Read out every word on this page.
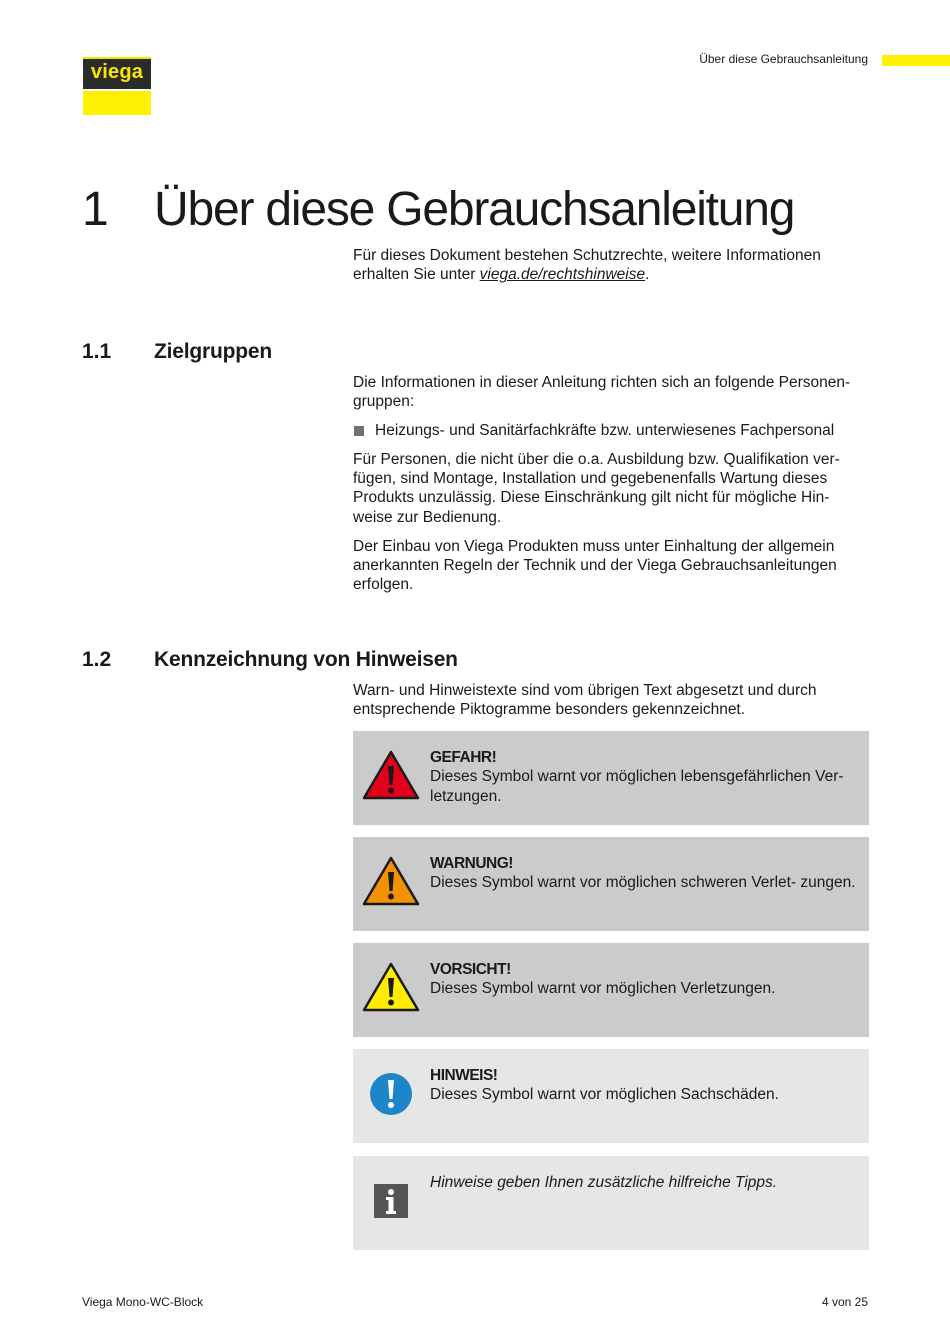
viega
Über diese Gebrauchsanleitung
1 Über diese Gebrauchsanleitung

Für dieses Dokument bestehen Schutzrechte, weitere Informationen erhalten Sie unter viega.de/rechtshinweise.

1.1 Zielgruppen

Die Informationen in dieser Anleitung richten sich an folgende Personen- gruppen:

Heizungs- und Sanitärfachkräfte bzw. unterwiesenes Fachpersonal

Für Personen, die nicht über die o.a. Ausbildung bzw. Qualifikation ver- fügen, sind Montage, Installation und gegebenenfalls Wartung dieses Produkts unzulässig. Diese Einschränkung gilt nicht für mögliche Hin- weise zur Bedienung.

Der Einbau von Viega Produkten muss unter Einhaltung der allgemein anerkannten Regeln der Technik und der Viega Gebrauchsanleitungen erfolgen.

1.2 Kennzeichnung von Hinweisen

Warn- und Hinweistexte sind vom übrigen Text abgesetzt und durch entsprechende Piktogramme besonders gekennzeichnet.

GEFAHR!
Dieses Symbol warnt vor möglichen lebensgefährlichen Ver- letzungen.
WARNUNG!
Dieses Symbol warnt vor möglichen schweren Verlet- zungen.
VORSICHT!
Dieses Symbol warnt vor möglichen Verletzungen.
HINWEIS!
Dieses Symbol warnt vor möglichen Sachschäden.
Hinweise geben Ihnen zusätzliche hilfreiche Tipps.
Viega Mono-WC-Block	4 von 25
